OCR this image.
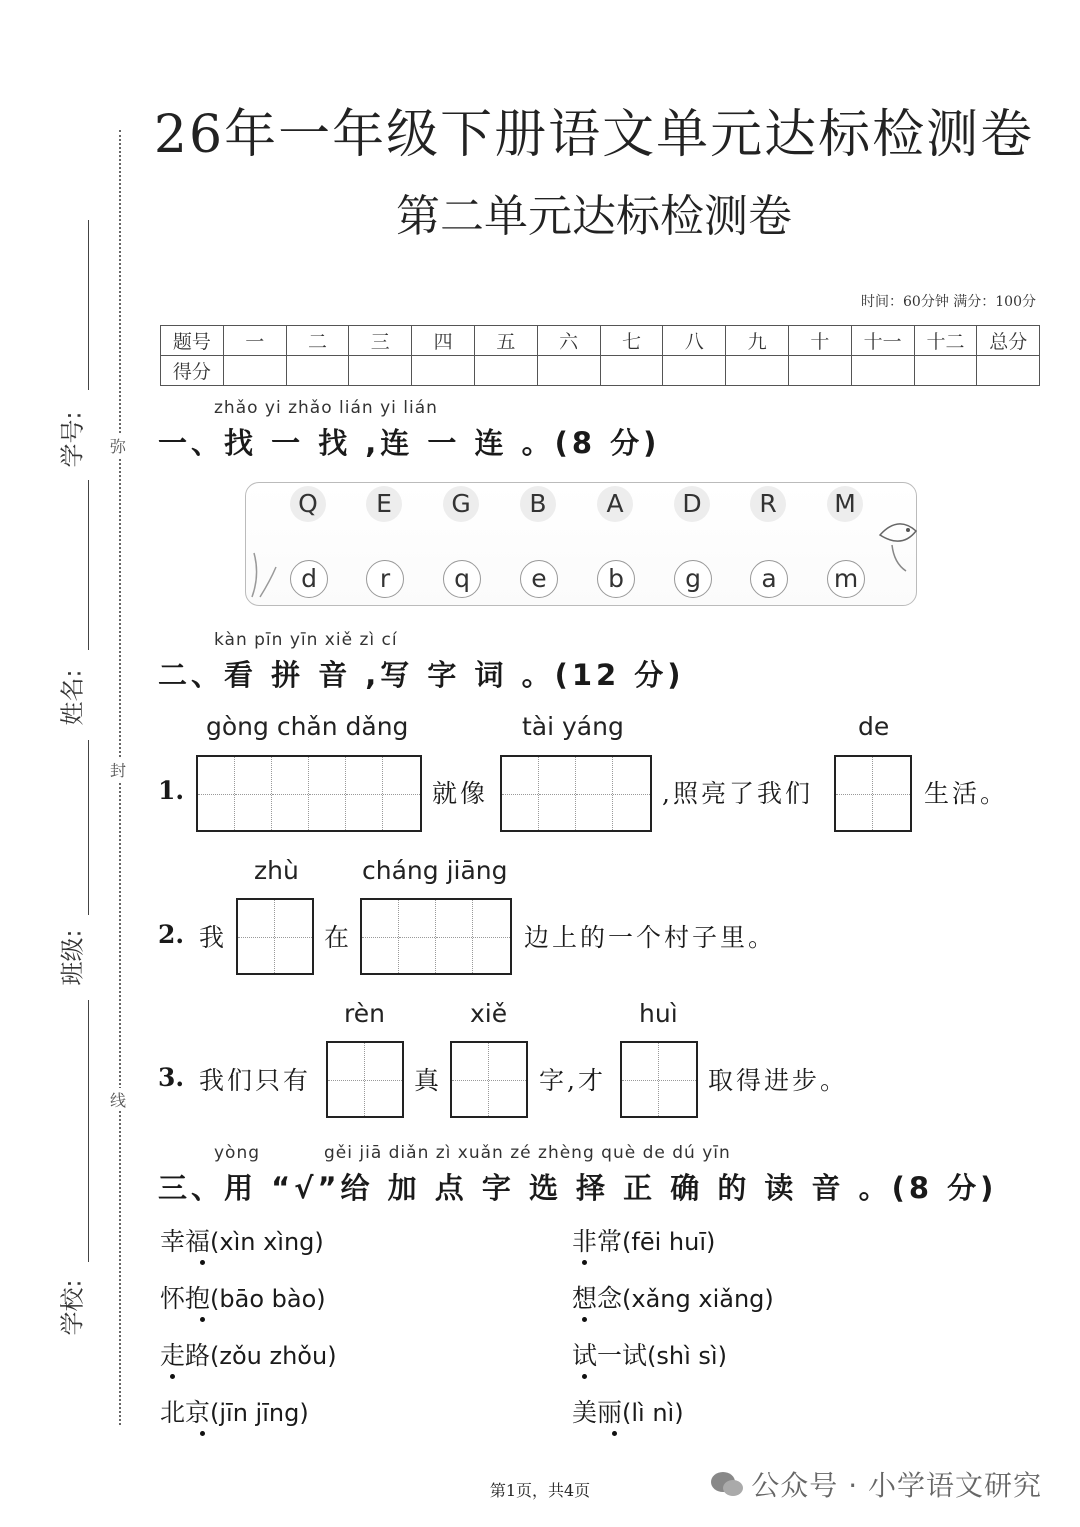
26年一年级下册语文单元达标检测卷
第二单元达标检测卷
时间：60分钟 满分：100分
学号:
姓名:
班级:
学校:
弥
封
线
题号	一	二	三	四	五	六	七	八	九	十	十一	十二	总分
得分													
zhǎo yi zhǎo lián yi lián
一、找 一 找 ,连 一 连 。(8 分)
Q	E	G	B	A	D	R	M
d	r	q	e	b	g	a	m
kàn pīn yīn xiě zì cí
二、看 拼 音 ,写 字 词 。(12 分)
gòng chǎn dǎng	tài yáng	de
1.	就像	,照亮了我们	生活。
zhù	cháng jiāng
2. 我	在	边上的一个村子里。
rèn	xiě	huì
3. 我们只有	真	字,才	取得进步。
yòng	gěi jiā diǎn zì xuǎn zé zhèng què de dú yīn
三、用 “√”给 加 点 字 选 择 正 确 的 读 音 。(8 分)
幸福(xìn xìng)
怀抱(bāo bào)
走路(zǒu zhǒu)
北京(jīn jīng)
非常(fēi huī)
想念(xǎng xiǎng)
试一试(shì sì)
美丽(lì nì)
第1页，共4页	公众号 · 小学语文研究
